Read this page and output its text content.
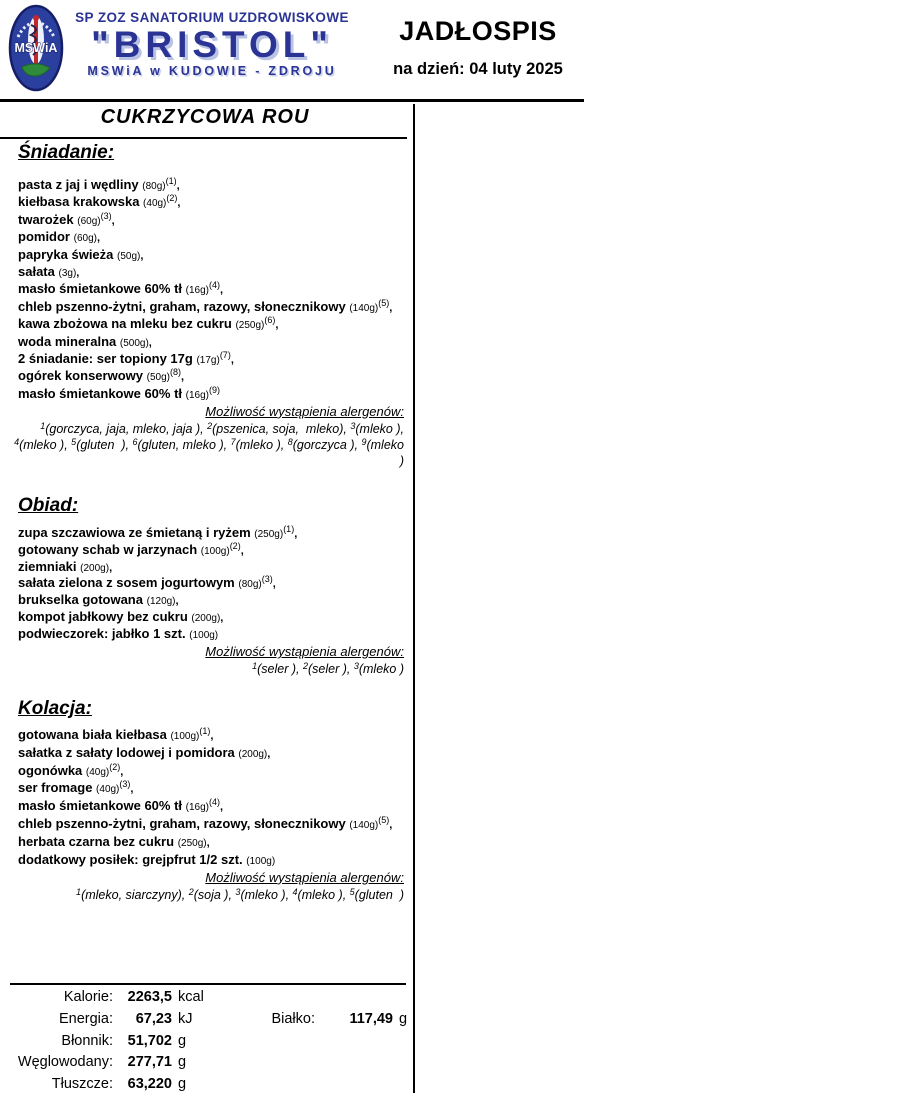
MSWiA
SP ZOZ SANATORIUM UZDROWISKOWE
"BRISTOL"
MSWiA w KUDOWIE - ZDROJU
JADŁOSPIS
na dzień: 04 luty 2025
CUKRZYCOWA ROU
Śniadanie:
pasta z jaj i wędliny $(80g)^{(1)}$,
kiełbasa krakowska $(40g)^{(2)}$,
twarożek $(60g)^{(3)}$,
pomidor (60g),
papryka świeża (50g),
sałata (3g),
masło śmietankowe 60% tł $(16g)^{(4)}$,
chleb pszenno-żytni, graham, razowy, słonecznikowy $(140g)^{(5)}$,
kawa zbożowa na mleku bez cukru $(250g)^{(6)}$,
woda mineralna (500g),
2 śniadanie: ser topiony 17g $(17g)^{(7)}$,
ogórek konserwowy $(50g)^{(8)}$,
masło śmietankowe 60% tł $(16g)^{(9)}$
Możliwość wystąpienia alergenów:
$^1$(gorczyca, jaja, mleko, jaja ), $^2$(pszenica, soja,  mleko), $^3$(mleko ),
$^4$(mleko ), $^5$(gluten  ), $^6$(gluten, mleko ), $^7$(mleko ), $^8$(gorczyca ), $^9$(mleko
)
Obiad:
zupa szczawiowa ze śmietaną i ryżem $(250g)^{(1)}$,
gotowany schab w jarzynach $(100g)^{(2)}$,
ziemniaki (200g),
sałata zielona z sosem jogurtowym $(80g)^{(3)}$,
brukselka gotowana (120g),
kompot jabłkowy bez cukru (200g),
podwieczorek: jabłko 1 szt. (100g)
Możliwość wystąpienia alergenów:
$^1$(seler ), $^2$(seler ), $^3$(mleko )
Kolacja:
gotowana biała kiełbasa $(100g)^{(1)}$,
sałatka z sałaty lodowej i pomidora (200g),
ogonówka $(40g)^{(2)}$,
ser fromage $(40g)^{(3)}$,
masło śmietankowe 60% tł $(16g)^{(4)}$,
chleb pszenno-żytni, graham, razowy, słonecznikowy $(140g)^{(5)}$,
herbata czarna bez cukru (250g),
dodatkowy posiłek: grejpfrut 1/2 szt. (100g)
Możliwość wystąpienia alergenów:
$^1$(mleko, siarczyny), $^2$(soja ), $^3$(mleko ), $^4$(mleko ), $^5$(gluten  )
Kalorie:	2263,5 kcal
Energia:	67,23 kJ	Białko:	117,49 g
Błonnik:	51,702 g
Węglowodany:	277,71 g
Tłuszcze:	63,220 g
